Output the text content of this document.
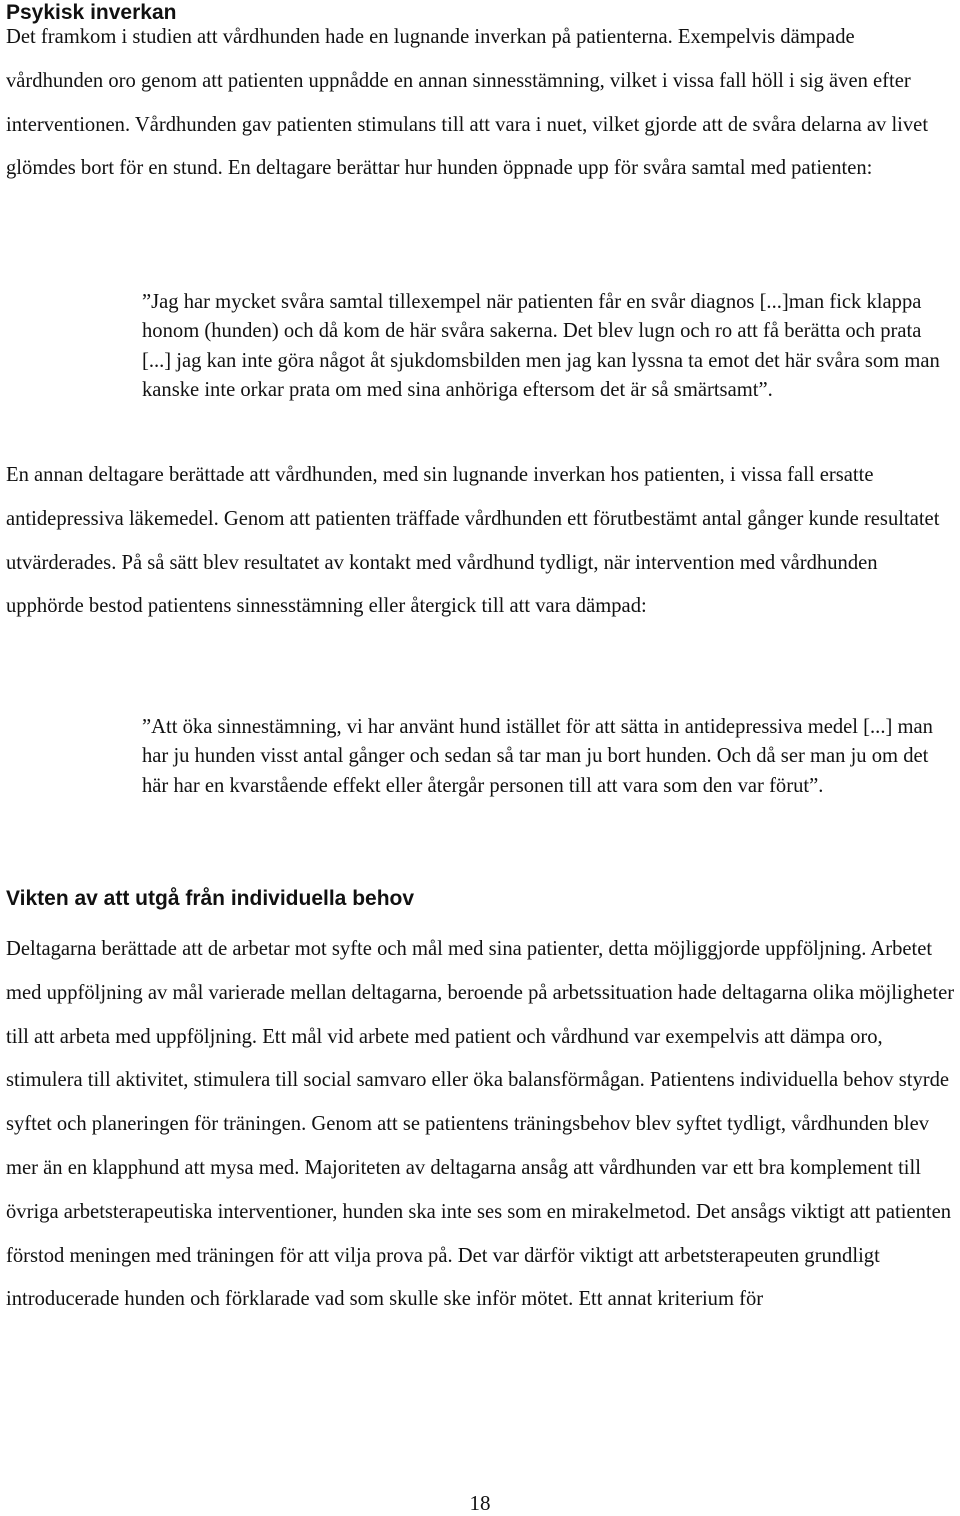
Psykisk inverkan

Det framkom i studien att vårdhunden hade en lugnande inverkan på patienterna. Exempelvis dämpade vårdhunden oro genom att patienten uppnådde en annan sinnesstämning, vilket i vissa fall höll i sig även efter interventionen. Vårdhunden gav patienten stimulans till att vara i nuet, vilket gjorde att de svåra delarna av livet glömdes bort för en stund. En deltagare berättar hur hunden öppnade upp för svåra samtal med patienten:

”Jag har mycket svåra samtal tillexempel när patienten får en svår diagnos [...]man fick klappa honom (hunden) och då kom de här svåra sakerna. Det blev lugn och ro att få berätta och prata [...] jag kan inte göra något åt sjukdomsbilden men jag kan lyssna ta emot det här svåra som man kanske inte orkar prata om med sina anhöriga eftersom det är så smärtsamt”.

En annan deltagare berättade att vårdhunden, med sin lugnande inverkan hos patienten, i vissa fall ersatte antidepressiva läkemedel. Genom att patienten träffade vårdhunden ett förutbestämt antal gånger kunde resultatet utvärderades. På så sätt blev resultatet av kontakt med vårdhund tydligt, när intervention med vårdhunden upphörde bestod patientens sinnesstämning eller återgick till att vara dämpad:

”Att öka sinnestämning, vi har använt hund istället för att sätta in antidepressiva medel [...] man har ju hunden visst antal gånger och sedan så tar man ju bort hunden. Och då ser man ju om det här har en kvarstående effekt eller återgår personen till att vara som den var förut”.

Vikten av att utgå från individuella behov

Deltagarna berättade att de arbetar mot syfte och mål med sina patienter, detta möjliggjorde uppföljning. Arbetet med uppföljning av mål varierade mellan deltagarna, beroende på arbetssituation hade deltagarna olika möjligheter till att arbeta med uppföljning. Ett mål vid arbete med patient och vårdhund var exempelvis att dämpa oro, stimulera till aktivitet, stimulera till social samvaro eller öka balansförmågan. Patientens individuella behov styrde syftet och planeringen för träningen. Genom att se patientens träningsbehov blev syftet tydligt, vårdhunden blev mer än en klapphund att mysa med. Majoriteten av deltagarna ansåg att vårdhunden var ett bra komplement till övriga arbetsterapeutiska interventioner, hunden ska inte ses som en mirakelmetod. Det ansågs viktigt att patienten förstod meningen med träningen för att vilja prova på. Det var därför viktigt att arbetsterapeuten grundligt introducerade hunden och förklarade vad som skulle ske inför mötet. Ett annat kriterium för

18
